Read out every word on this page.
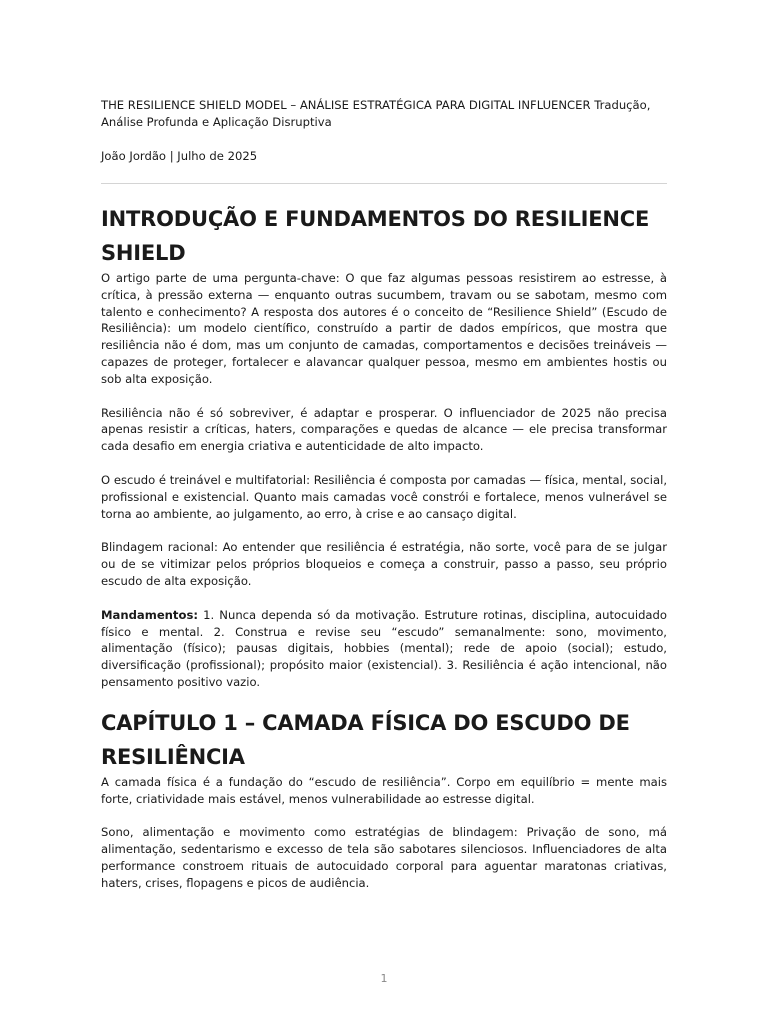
THE RESILIENCE SHIELD MODEL – ANÁLISE ESTRATÉGICA PARA DIGITAL INFLUENCER Tradução, Análise Profunda e Aplicação Disruptiva

João Jordão | Julho de 2025

INTRODUÇÃO E FUNDAMENTOS DO RESILIENCE SHIELD

O artigo parte de uma pergunta-chave: O que faz algumas pessoas resistirem ao estresse, à crítica, à pressão externa — enquanto outras sucumbem, travam ou se sabotam, mesmo com talento e conhecimento? A resposta dos autores é o conceito de “Resilience Shield” (Escudo de Resiliência): um modelo científico, construído a partir de dados empíricos, que mostra que resiliência não é dom, mas um conjunto de camadas, comportamentos e decisões treináveis — capazes de proteger, fortalecer e alavancar qualquer pessoa, mesmo em ambientes hostis ou sob alta exposição.

Resiliência não é só sobreviver, é adaptar e prosperar. O influenciador de 2025 não precisa apenas resistir a críticas, haters, comparações e quedas de alcance — ele precisa transformar cada desafio em energia criativa e autenticidade de alto impacto.

O escudo é treinável e multifatorial: Resiliência é composta por camadas — física, mental, social, profissional e existencial. Quanto mais camadas você constrói e fortalece, menos vulnerável se torna ao ambiente, ao julgamento, ao erro, à crise e ao cansaço digital.

Blindagem racional: Ao entender que resiliência é estratégia, não sorte, você para de se julgar ou de se vitimizar pelos próprios bloqueios e começa a construir, passo a passo, seu próprio escudo de alta exposição.

Mandamentos: 1. Nunca dependa só da motivação. Estruture rotinas, disciplina, autocuidado físico e mental. 2. Construa e revise seu “escudo” semanalmente: sono, movimento, alimentação (físico); pausas digitais, hobbies (mental); rede de apoio (social); estudo, diversificação (profissional); propósito maior (existencial). 3. Resiliência é ação intencional, não pensamento positivo vazio.

CAPÍTULO 1 – CAMADA FÍSICA DO ESCUDO DE RESILIÊNCIA

A camada física é a fundação do “escudo de resiliência”. Corpo em equilíbrio = mente mais forte, criatividade mais estável, menos vulnerabilidade ao estresse digital.

Sono, alimentação e movimento como estratégias de blindagem: Privação de sono, má alimentação, sedentarismo e excesso de tela são sabotares silenciosos. Influenciadores de alta performance constroem rituais de autocuidado corporal para aguentar maratonas criativas, haters, crises, flopagens e picos de audiência.

1
